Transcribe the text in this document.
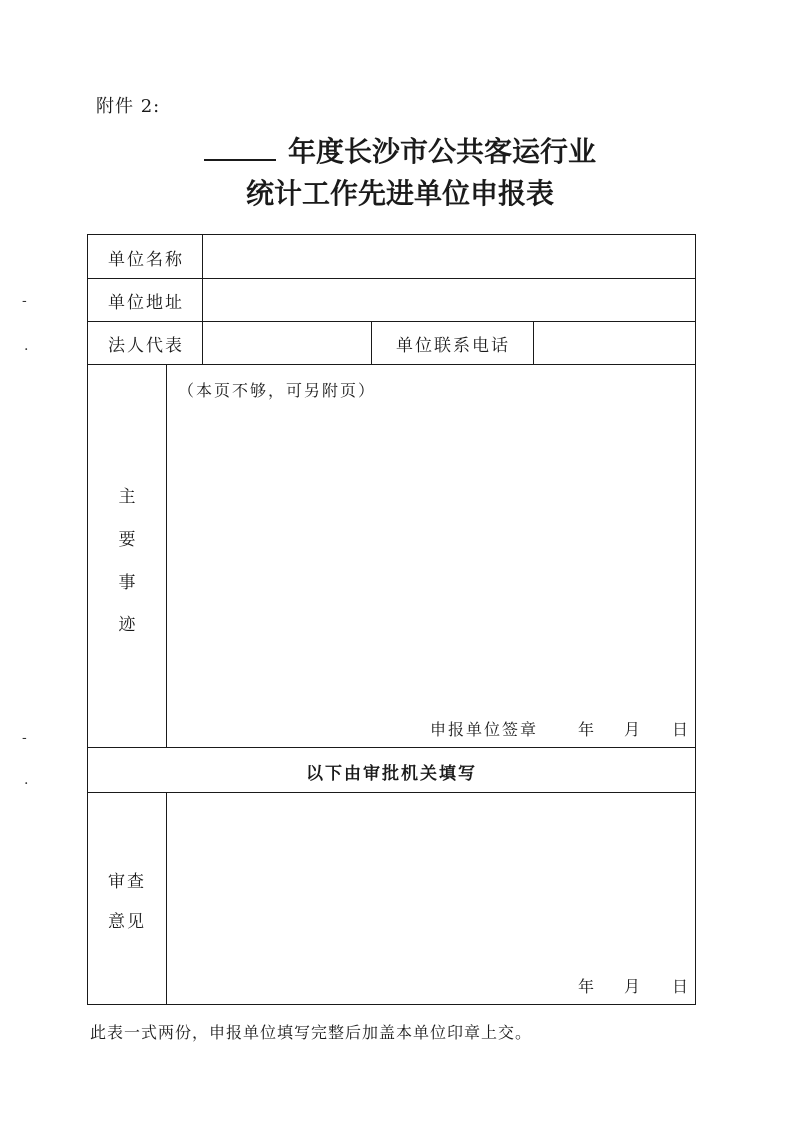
附件 2:
年度长沙市公共客运行业
统计工作先进单位申报表
-
.
-
.
单位名称
单位地址
法人代表	单位联系电话
主
要
事
迹
（本页不够，可另附页）
申报单位签章 年 月 日
以下由审批机关填写
审查
意见
年 月 日
此表一式两份，申报单位填写完整后加盖本单位印章上交。
